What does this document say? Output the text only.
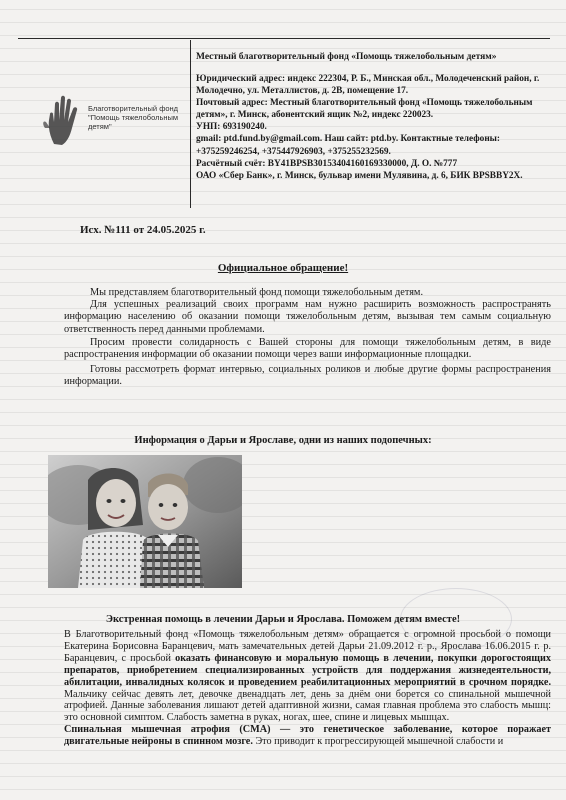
Благотворительный фонд "Помощь тяжелобольным детям"
Местный благотворительный фонд «Помощь тяжелобольным детям»
Юридический адрес: индекс 222304, Р. Б., Минская обл., Молодеченский район, г. Молодечно, ул. Металлистов, д. 2В, помещение 17.
Почтовый адрес: Местный благотворительный фонд «Помощь тяжелобольным детям», г. Минск, абонентский ящик №2, индекс 220023.
УНП: 693190240.
gmail: ptd.fund.by@gmail.com. Наш сайт: ptd.by. Контактные телефоны: +375259246254, +375447926903, +375255232569.
Расчётный счёт: BY41BPSB30153404160169330000, Д. О. №777
ОАО «Сбер Банк», г. Минск, бульвар имени Мулявина, д. 6, БИК BPSBBY2X.
Исх. №111 от 24.05.2025 г.
Официальное обращение!
Мы представляем благотворительный фонд помощи тяжелобольным детям.
Для успешных реализаций своих программ нам нужно расширить возможность распространять информацию населению об оказании помощи тяжелобольным детям, вызывая тем самым социальную ответственность перед данными проблемами.
Просим провести солидарность с Вашей стороны для помощи тяжелобольным детям, в виде распространения информации об оказании помощи через ваши информационные площадки.
Готовы рассмотреть формат интервью, социальных роликов и любые другие формы распространения информации.
Информация о Дарьи и Ярославе, одни из наших подопечных:
Экстренная помощь в лечении Дарьи и Ярослава. Поможем детям вместе!
В Благотворительный фонд «Помощь тяжелобольным детям» обращается с огромной просьбой о помощи Екатерина Борисовна Баранцевич, мать замечательных детей Дарьи 21.09.2012 г. р., Ярослава 16.06.2015 г. р. Баранцевич, с просьбой оказать финансовую и моральную помощь в лечении, покупки дорогостоящих препаратов, приобретением специализированных устройств для поддержания жизнедеятельности, абилитации, инвалидных колясок и проведением реабилитационных мероприятий в срочном порядке. Мальчику сейчас девять лет, девочке двенадцать лет, день за днём они борется со спинальной мышечной атрофией. Данные заболевания лишают детей адаптивной жизни, самая главная проблема это слабость мышц: это основной симптом. Слабость заметна в руках, ногах, шее, спине и лицевых мышцах.
Спинальная мышечная атрофия (СМА) — это генетическое заболевание, которое поражает двигательные нейроны в спинном мозге. Это приводит к прогрессирующей мышечной слабости и
